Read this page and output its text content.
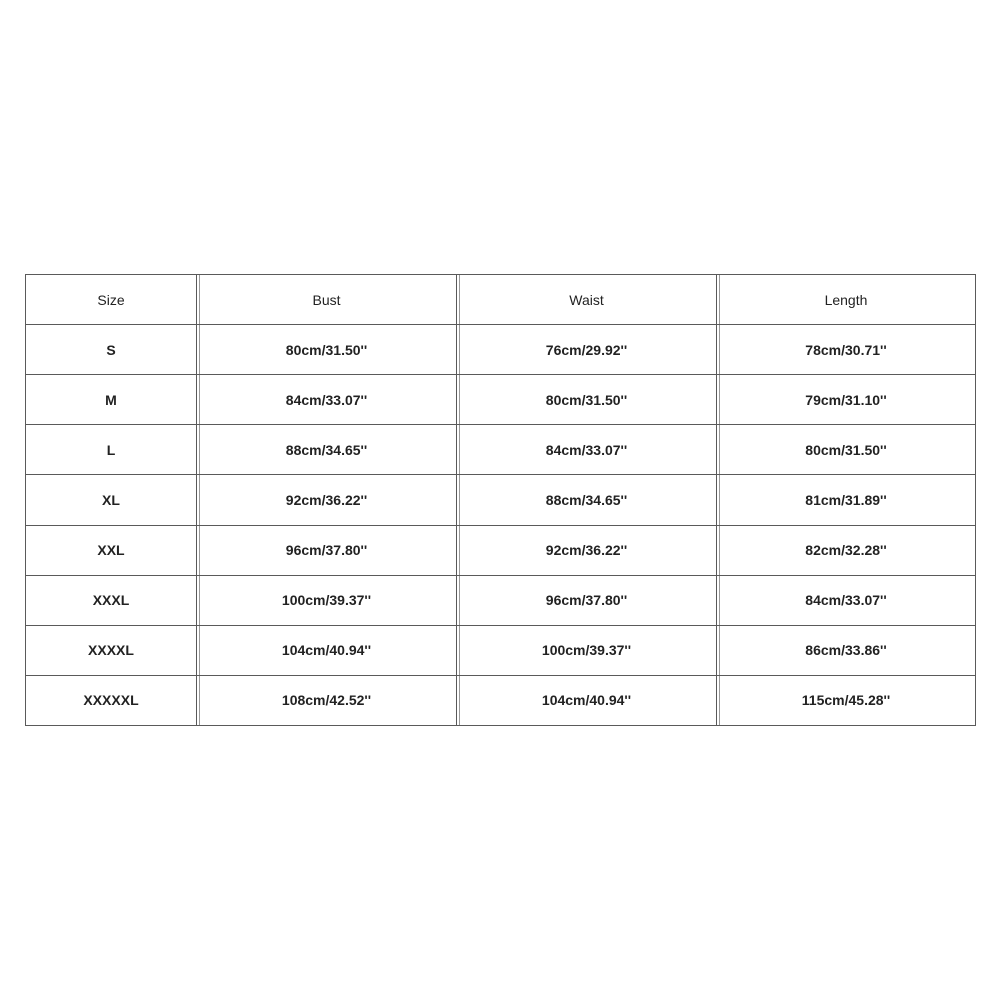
Size	Bust	Waist	Length
S	80cm/31.50''	76cm/29.92''	78cm/30.71''
M	84cm/33.07''	80cm/31.50''	79cm/31.10''
L	88cm/34.65''	84cm/33.07''	80cm/31.50''
XL	92cm/36.22''	88cm/34.65''	81cm/31.89''
XXL	96cm/37.80''	92cm/36.22''	82cm/32.28''
XXXL	100cm/39.37''	96cm/37.80''	84cm/33.07''
XXXXL	104cm/40.94''	100cm/39.37''	86cm/33.86''
XXXXXL	108cm/42.52''	104cm/40.94''	115cm/45.28''
